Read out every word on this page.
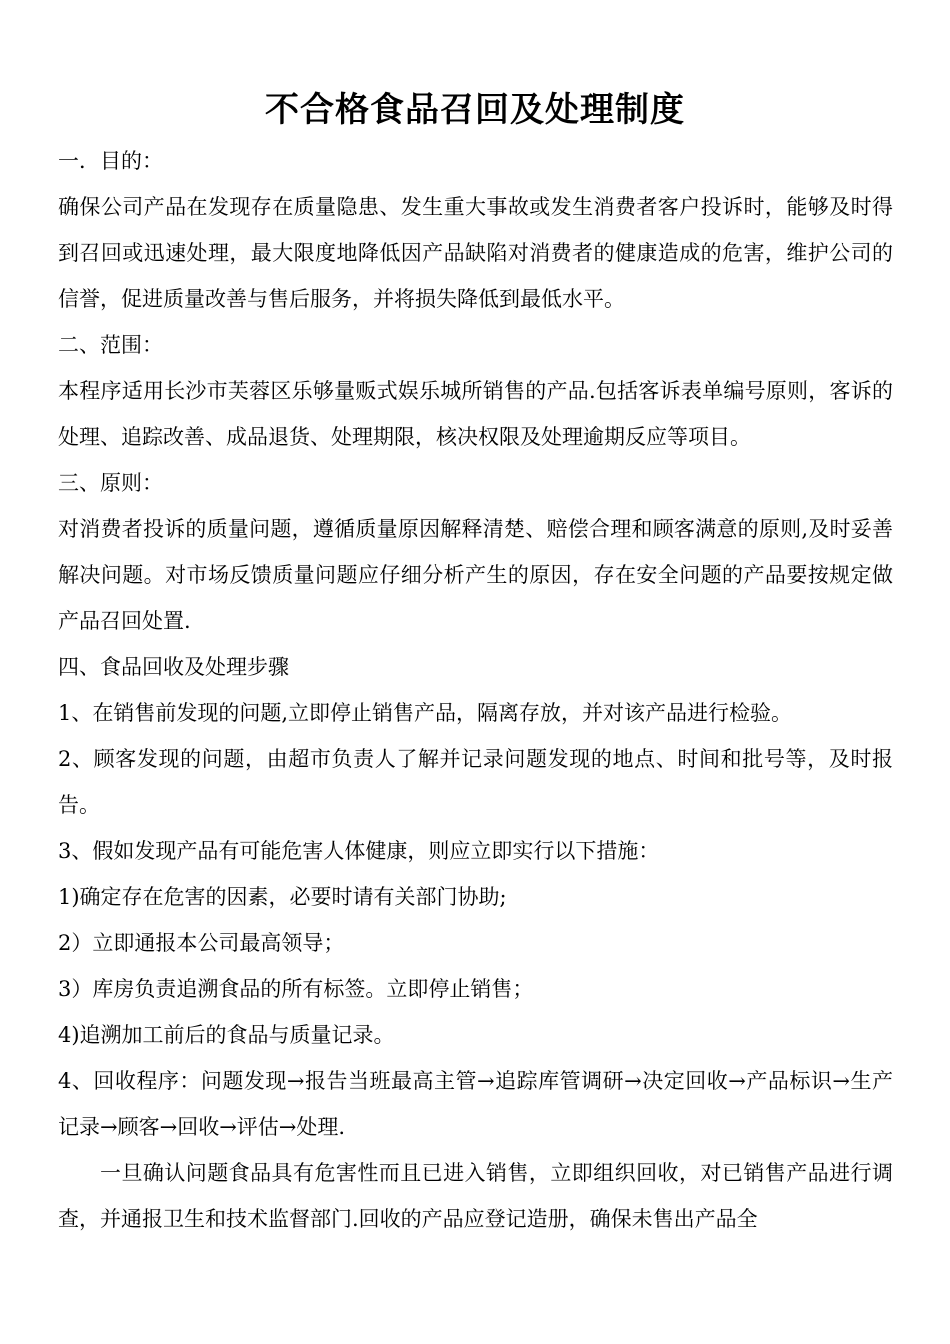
不合格食品召回及处理制度

一．目的：

确保公司产品在发现存在质量隐患、发生重大事故或发生消费者客户投诉时，能够及时得到召回或迅速处理，最大限度地降低因产品缺陷对消费者的健康造成的危害，维护公司的信誉，促进质量改善与售后服务，并将损失降低到最低水平。

二、范围：

本程序适用长沙市芙蓉区乐够量贩式娱乐城所销售的产品.包括客诉表单编号原则，客诉的处理、追踪改善、成品退货、处理期限，核决权限及处理逾期反应等项目。

三、原则：

对消费者投诉的质量问题，遵循质量原因解释清楚、赔偿合理和顾客满意的原则,及时妥善解决问题。对市场反馈质量问题应仔细分析产生的原因，存在安全问题的产品要按规定做产品召回处置.

四、食品回收及处理步骤

1、在销售前发现的问题,立即停止销售产品，隔离存放，并对该产品进行检验。

2、顾客发现的问题，由超市负责人了解并记录问题发现的地点、时间和批号等，及时报告。

3、假如发现产品有可能危害人体健康，则应立即实行以下措施：

1)确定存在危害的因素，必要时请有关部门协助;

2）立即通报本公司最高领导；

3）库房负责追溯食品的所有标签。立即停止销售；

4)追溯加工前后的食品与质量记录。

4、回收程序：问题发现→报告当班最高主管→追踪库管调研→决定回收→产品标识→生产记录→顾客→回收→评估→处理.

一旦确认问题食品具有危害性而且已进入销售，立即组织回收，对已销售产品进行调查，并通报卫生和技术监督部门.回收的产品应登记造册，确保未售出产品全
